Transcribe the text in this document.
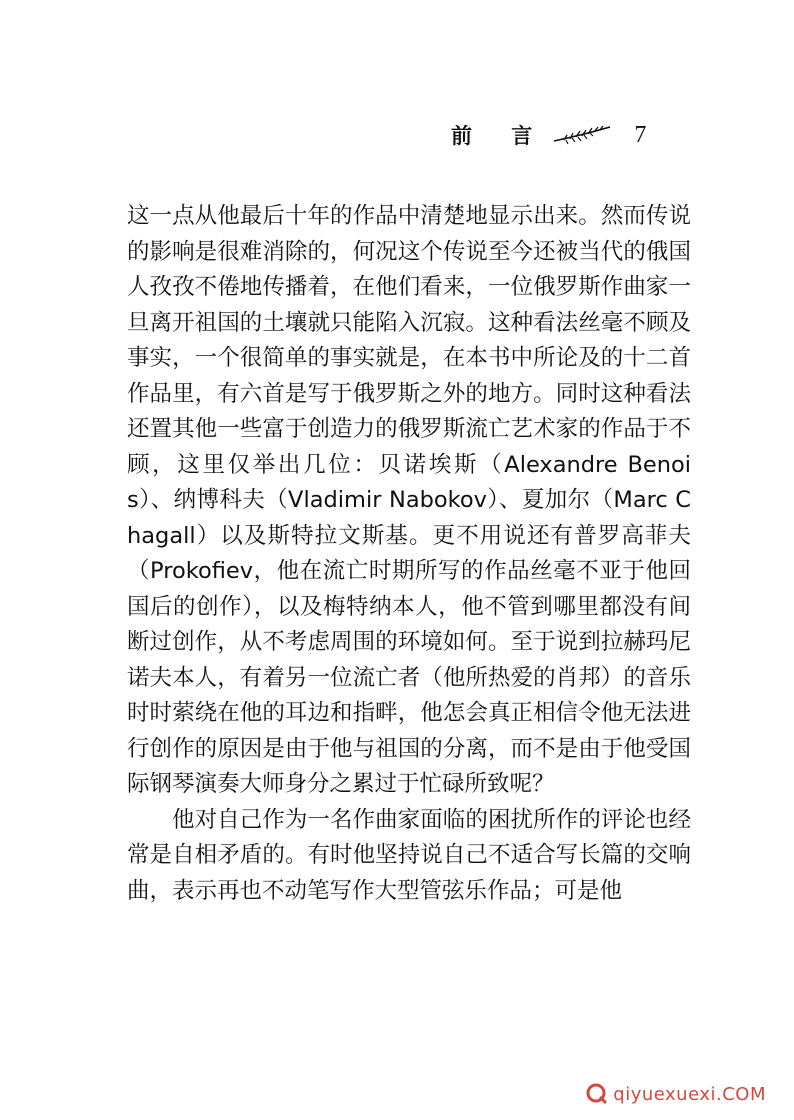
前 言	7

这一点从他最后十年的作品中清楚地显示出来。然而传说的影响是很难消除的，何况这个传说至今还被当代的俄国人孜孜不倦地传播着，在他们看来，一位俄罗斯作曲家一旦离开祖国的土壤就只能陷入沉寂。这种看法丝毫不顾及事实，一个很简单的事实就是，在本书中所论及的十二首作品里，有六首是写于俄罗斯之外的地方。同时这种看法还置其他一些富于创造力的俄罗斯流亡艺术家的作品于不顾，这里仅举出几位：贝诺埃斯（Alexandre Benois）、纳博科夫（Vladimir Nabokov）、夏加尔（Marc Chagall）以及斯特拉文斯基。更不用说还有普罗高菲夫（Prokofiev，他在流亡时期所写的作品丝毫不亚于他回国后的创作），以及梅特纳本人，他不管到哪里都没有间断过创作，从不考虑周围的环境如何。至于说到拉赫玛尼诺夫本人，有着另一位流亡者（他所热爱的肖邦）的音乐时时萦绕在他的耳边和指畔，他怎会真正相信令他无法进行创作的原因是由于他与祖国的分离，而不是由于他受国际钢琴演奏大师身分之累过于忙碌所致呢？

他对自己作为一名作曲家面临的困扰所作的评论也经常是自相矛盾的。有时他坚持说自己不适合写长篇的交响曲，表示再也不动笔写作大型管弦乐作品；可是他

qiyuexuexi.COM
